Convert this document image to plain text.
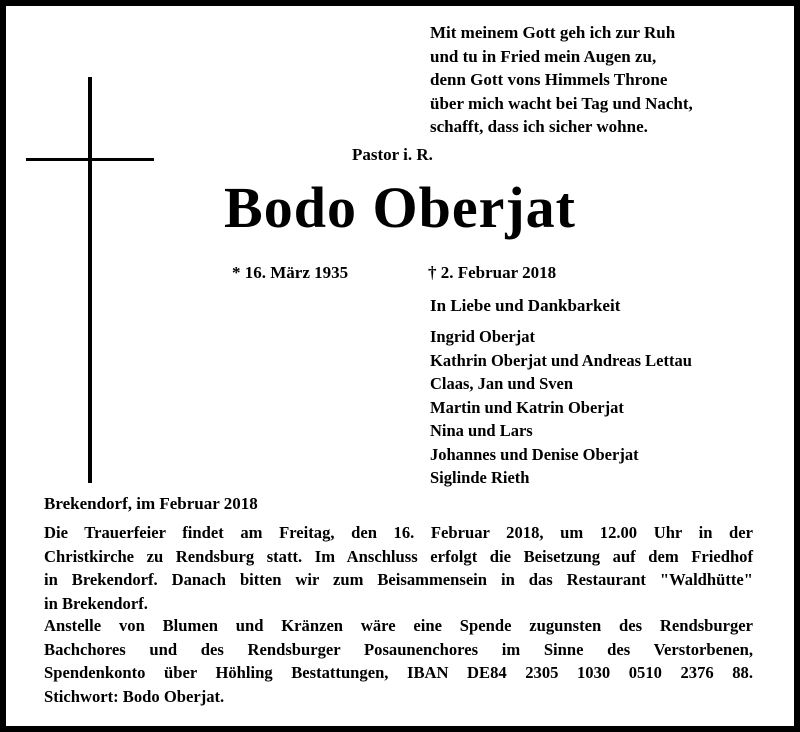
Mit meinem Gott geh ich zur Ruh
und tu in Fried mein Augen zu,
denn Gott vons Himmels Throne
über mich wacht bei Tag und Nacht,
schafft, dass ich sicher wohne.
Pastor i. R.
Bodo Oberjat
* 16. März 1935	† 2. Februar 2018
In Liebe und Dankbarkeit
Ingrid Oberjat
Kathrin Oberjat und Andreas Lettau
Claas, Jan und Sven
Martin und Katrin Oberjat
Nina und Lars
Johannes und Denise Oberjat
Siglinde Rieth
Brekendorf, im Februar 2018
Die Trauerfeier findet am Freitag, den 16. Februar 2018, um 12.00 Uhr in der
Christkirche zu Rendsburg statt. Im Anschluss erfolgt die Beisetzung auf dem Friedhof
in Brekendorf. Danach bitten wir zum Beisammensein in das Restaurant "Waldhütte"
in Brekendorf.
Anstelle von Blumen und Kränzen wäre eine Spende zugunsten des Rendsburger
Bachchores und des Rendsburger Posaunenchores im Sinne des Verstorbenen,
Spendenkonto über Höhling Bestattungen, IBAN DE84 2305 1030 0510 2376 88.
Stichwort: Bodo Oberjat.
